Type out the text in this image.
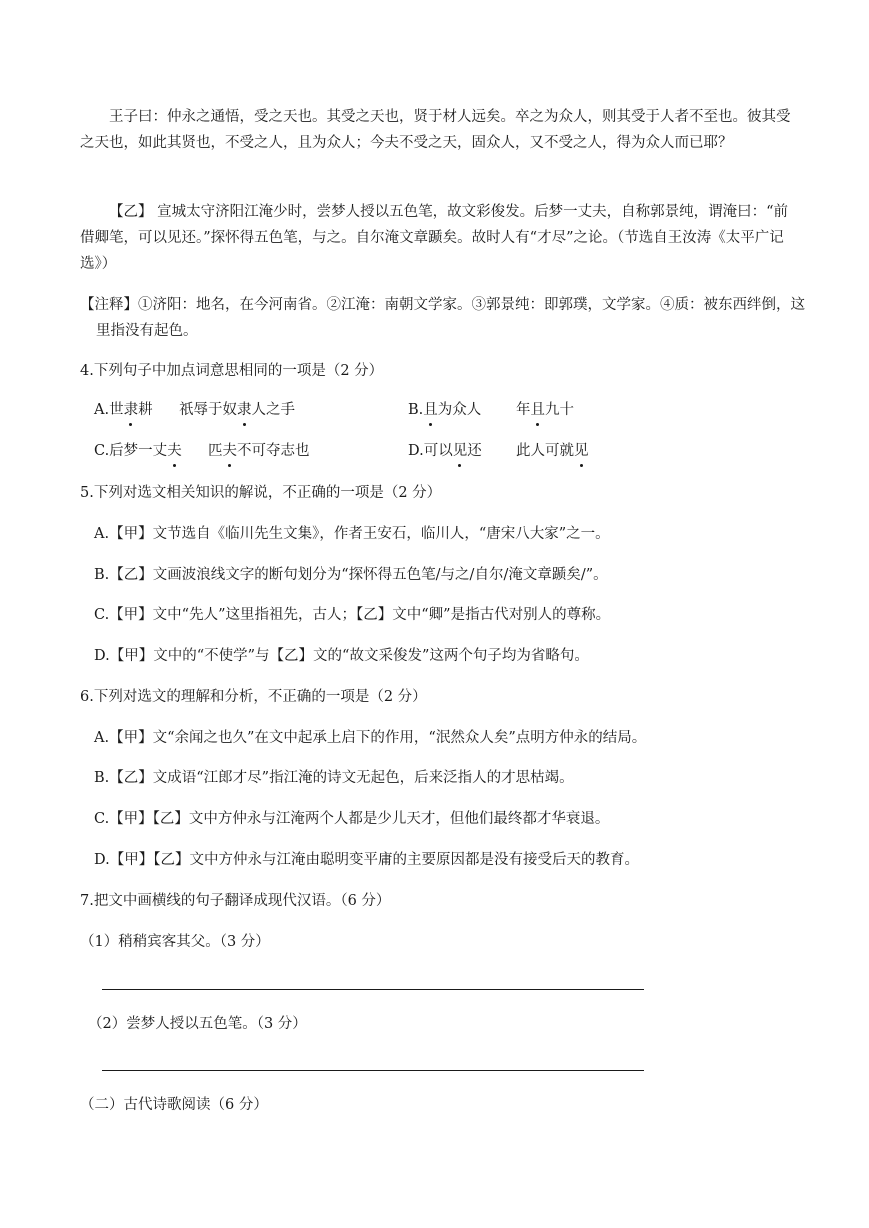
王子曰：仲永之通悟，受之天也。其受之天也，贤于材人远矣。卒之为众人，则其受于人者不至也。彼其受之天也，如此其贤也，不受之人，且为众人；今夫不受之天，固众人，又不受之人，得为众人而已耶？

【乙】 宣城太守济阳江淹少时，尝梦人授以五色笔，故文彩俊发。后梦一丈夫，自称郭景纯，谓淹曰：“前借卿笔，可以见还。”探怀得五色笔，与之。自尔淹文章踬矣。故时人有“才尽”之论。（节选自王汝涛《太平广记选》）

【注释】①济阳：地名，在今河南省。②江淹：南朝文学家。③郭景纯：即郭璞，文学家。④质：被东西绊倒，这里指没有起色。

4.下列句子中加点词意思相同的一项是（2 分）
A.世隶耕 祇辱于奴隶人之手	B.且为众人 年且九十
C.后梦一丈夫 匹夫不可夺志也	D.可以见还 此人可就见
5.下列对选文相关知识的解说，不正确的一项是（2 分）
A.【甲】文节选自《临川先生文集》，作者王安石，临川人，“唐宋八大家”之一。
B.【乙】文画波浪线文字的断句划分为“探怀得五色笔/与之/自尔/淹文章踬矣/”。
C.【甲】文中“先人”这里指祖先，古人；【乙】文中“卿”是指古代对别人的尊称。
D.【甲】文中的“不使学”与【乙】文的“故文采俊发”这两个句子均为省略句。
6.下列对选文的理解和分析，不正确的一项是（2 分）
A.【甲】文“余闻之也久”在文中起承上启下的作用，“泯然众人矣”点明方仲永的结局。
B.【乙】文成语“江郎才尽”指江淹的诗文无起色，后来泛指人的才思枯竭。
C.【甲】【乙】文中方仲永与江淹两个人都是少儿天才，但他们最终都才华衰退。
D.【甲】【乙】文中方仲永与江淹由聪明变平庸的主要原因都是没有接受后天的教育。
7.把文中画横线的句子翻译成现代汉语。（6 分）
（1）稍稍宾客其父。（3 分）
（2）尝梦人授以五色笔。（3 分）
（二）古代诗歌阅读（6 分）
